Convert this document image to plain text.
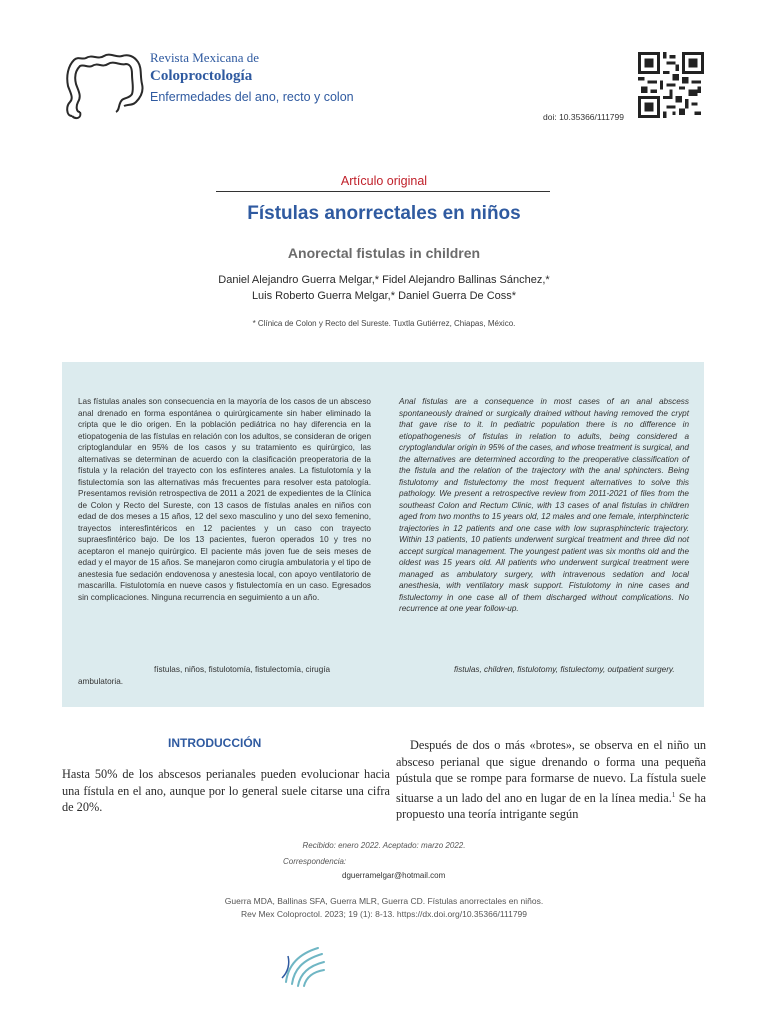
Revista Mexicana de
Coloproctología
Enfermedades del ano, recto y colon
doi: 10.35366/111799
Artículo original
Fístulas anorrectales en niños
Anorectal fistulas in children
Daniel Alejandro Guerra Melgar,* Fidel Alejandro Ballinas Sánchez,*
Luis Roberto Guerra Melgar,* Daniel Guerra De Coss*
* Clínica de Colon y Recto del Sureste. Tuxtla Gutiérrez, Chiapas, México.
Las fístulas anales son consecuencia en la mayoría de los casos de un absceso anal drenado en forma espontánea o quirúrgicamente sin haber eliminado la cripta que le dio origen. En la población pediátrica no hay diferencia en la etiopatogenia de las fístulas en relación con los adultos, se consideran de origen criptoglandular en 95% de los casos y su tratamiento es quirúrgico, las alternativas se determinan de acuerdo con la clasificación preoperatoria de la fístula y la relación del trayecto con los esfínteres anales. La fistulotomía y la fistulectomía son las alternativas más frecuentes para resolver esta patología. Presentamos revisión retrospectiva de 2011 a 2021 de expedientes de la Clínica de Colon y Recto del Sureste, con 13 casos de fístulas anales en niños con edad de dos meses a 15 años, 12 del sexo masculino y uno del sexo femenino, trayectos interesfintéricos en 12 pacientes y un caso con trayecto supraesfintérico bajo. De los 13 pacientes, fueron operados 10 y tres no aceptaron el manejo quirúrgico. El paciente más joven fue de seis meses de edad y el mayor de 15 años. Se manejaron como cirugía ambulatoria y el tipo de anestesia fue sedación endovenosa y anestesia local, con apoyo ventilatorio de mascarilla. Fistulotomía en nueve casos y fistulectomía en un caso. Egresados sin complicaciones. Ninguna recurrencia en seguimiento a un año.
Anal fistulas are a consequence in most cases of an anal abscess spontaneously drained or surgically drained without having removed the crypt that gave rise to it. In pediatric population there is no difference in etiopathogenesis of fistulas in relation to adults, being considered a cryptoglandular origin in 95% of the cases, and whose treatment is surgical, and the alternatives are determined according to the preoperative classification of the fistula and the relation of the trajectory with the anal sphincters. Being fistulotomy and fistulectomy the most frequent alternatives to solve this pathology. We present a retrospective review from 2011-2021 of files from the southeast Colon and Rectum Clinic, with 13 cases of anal fistulas in children aged from two months to 15 years old, 12 males and one female, interphincteric trajectories in 12 patients and one case with low suprasphincteric trajectory. Within 13 patients, 10 patients underwent surgical treatment and three did not accept surgical management. The youngest patient was six months old and the oldest was 15 years old. All patients who underwent surgical treatment were managed as ambulatory surgery, with intravenous sedation and local anesthesia, with ventilatory mask support. Fistulotomy in nine cases and fistulectomy in one case all of them discharged without complications. No recurrence at one year follow-up.
fístulas, niños, fistulotomía, fistulectomía, cirugía ambulatoria.
fistulas, children, fistulotomy, fistulectomy, outpatient surgery.
INTRODUCCIÓN
Hasta 50% de los abscesos perianales pueden evolucionar hacia una fístula en el ano, aunque por lo general suele citarse una cifra de 20%.
Después de dos o más «brotes», se observa en el niño un absceso perianal que sigue drenando o forma una pequeña pústula que se rompe para formarse de nuevo. La fístula suele situarse a un lado del ano en lugar de en la línea media.$^1$ Se ha propuesto una teoría intrigante según
Recibido: enero 2022. Aceptado: marzo 2022.
Correspondencia:
dguerramelgar@hotmail.com
Guerra MDA, Ballinas SFA, Guerra MLR, Guerra CD. Fístulas anorrectales en niños.
Rev Mex Coloproctol. 2023; 19 (1): 8-13. https://dx.doi.org/10.35366/111799
